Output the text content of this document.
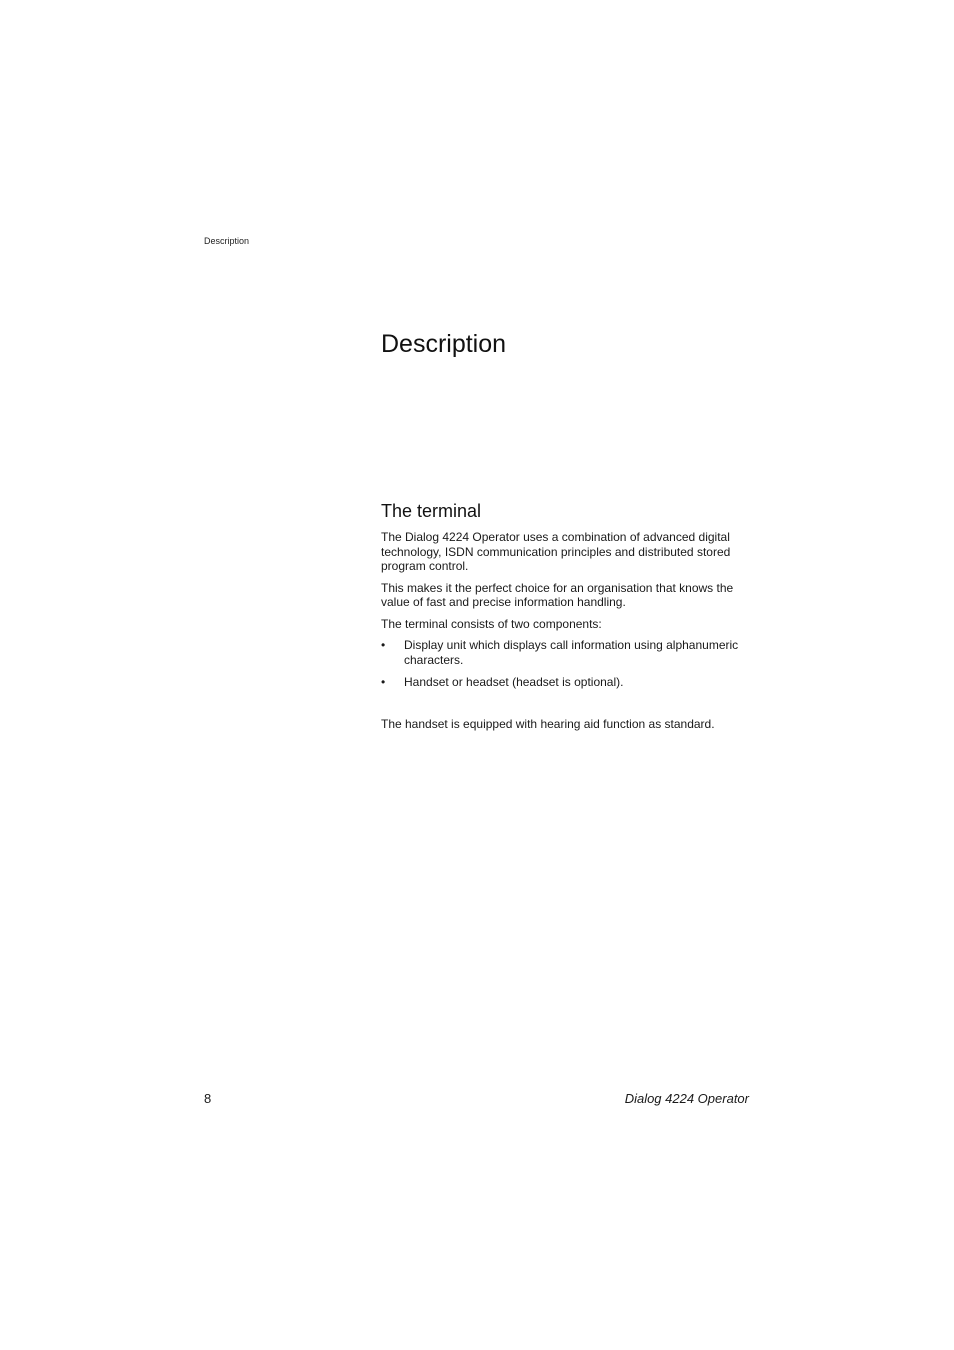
Description
Description
The terminal

The Dialog 4224 Operator uses a combination of advanced digital technology, ISDN communication principles and distributed stored program control.

This makes it the perfect choice for an organisation that knows the value of fast and precise information handling.

The terminal consists of two components:

• Display unit which displays call information using alphanumeric characters.
• Handset or headset (headset is optional).

The handset is equipped with hearing aid function as standard.

8	Dialog 4224 Operator
